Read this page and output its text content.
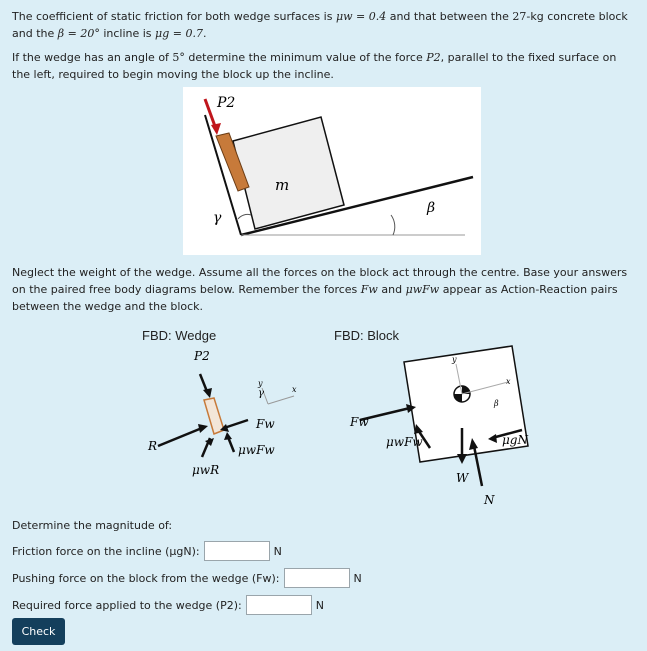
The coefficient of static friction for both wedge surfaces is μw = 0.4 and that between the 27-kg concrete block and the β = 20° incline is μg = 0.7.

If the wedge has an angle of 5° determine the minimum value of the force P2, parallel to the fixed surface on the left, required to begin moving the block up the incline.

P2
m
γ
β

Neglect the weight of the wedge. Assume all the forces on the block act through the centre. Base your answers on the paired free body diagrams below. Remember the forces Fw and μwFw appear as Action-Reaction pairs between the wedge and the block.

FBD: Wedge	FBD: Block
P2
γ	x
y
Fw
μwFw
R
μwR
Fw
μwFw	μgN
W
N
x
y
β
Determine the magnitude of:
Friction force on the incline (μgN):	N
Pushing force on the block from the wedge (Fw):	N
Required force applied to the wedge (P2):	N
Check
